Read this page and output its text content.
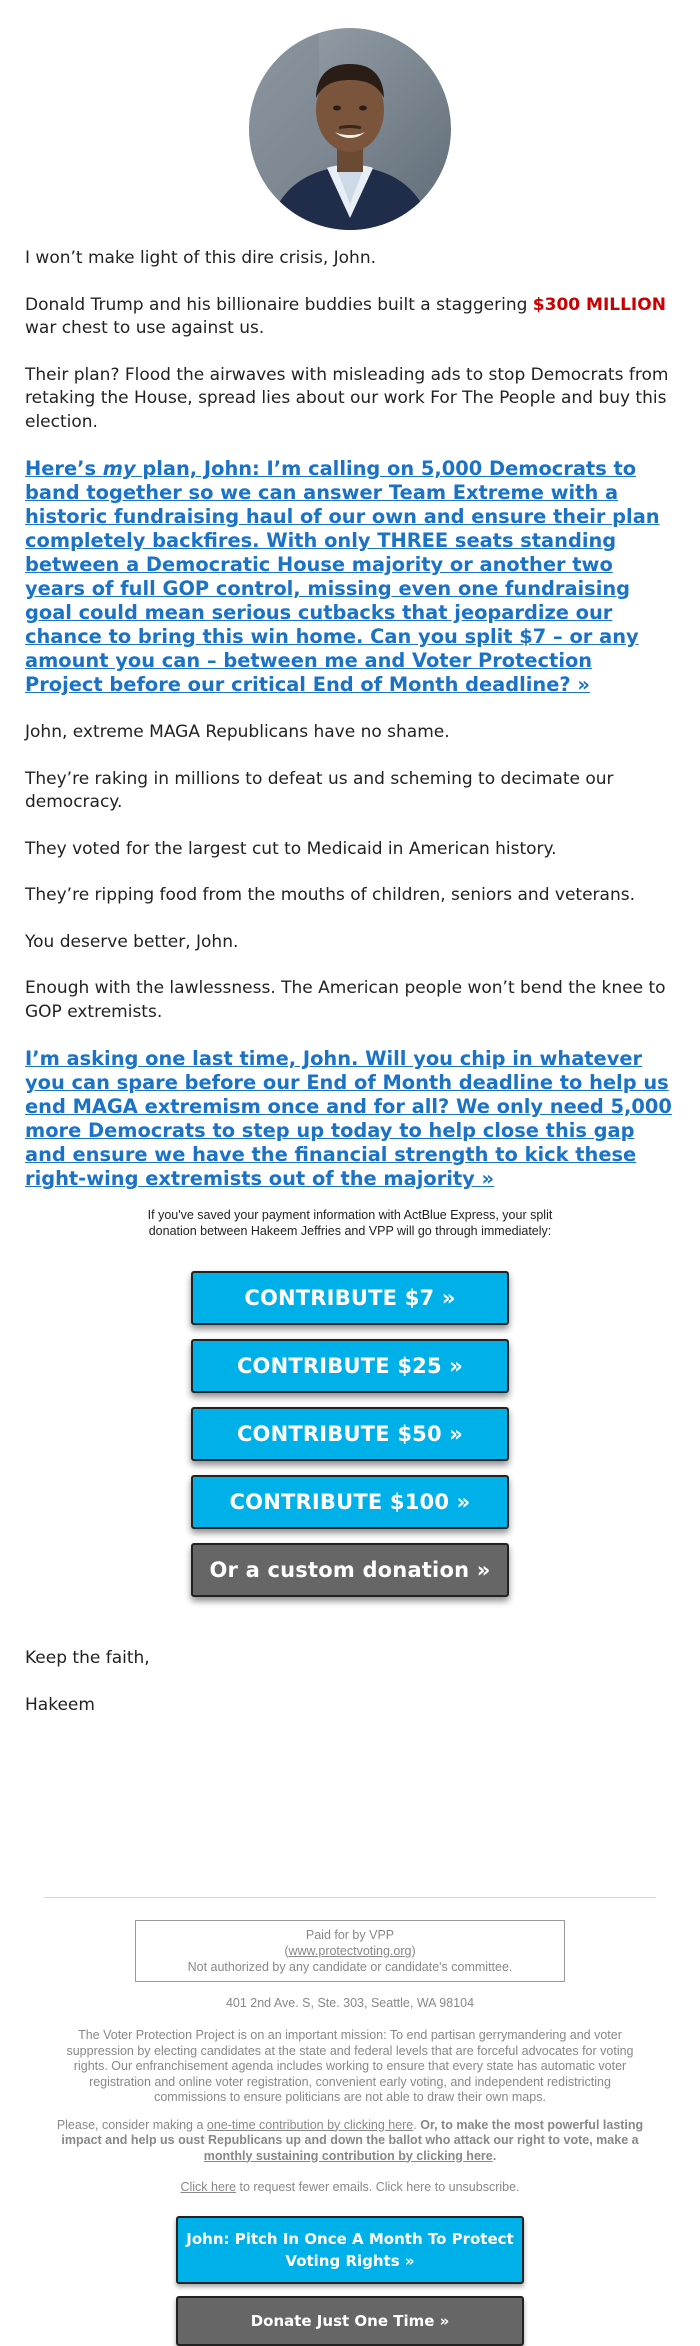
I won’t make light of this dire crisis, John.

Donald Trump and his billionaire buddies built a staggering $300 MILLION war chest to use against us.

Their plan? Flood the airwaves with misleading ads to stop Democrats from retaking the House, spread lies about our work For The People and buy this election.

Here’s my plan, John: I’m calling on 5,000 Democrats to band together so we can answer Team Extreme with a historic fundraising haul of our own and ensure their plan completely backfires. With only THREE seats standing between a Democratic House majority or another two years of full GOP control, missing even one fundraising goal could mean serious cutbacks that jeopardize our chance to bring this win home. Can you split $7 – or any amount you can – between me and Voter Protection Project before our critical End of Month deadline? »

John, extreme MAGA Republicans have no shame.

They’re raking in millions to defeat us and scheming to decimate our democracy.

They voted for the largest cut to Medicaid in American history.

They’re ripping food from the mouths of children, seniors and veterans.

You deserve better, John.

Enough with the lawlessness. The American people won’t bend the knee to GOP extremists.

I’m asking one last time, John. Will you chip in whatever you can spare before our End of Month deadline to help us end MAGA extremism once and for all? We only need 5,000 more Democrats to step up today to help close this gap and ensure we have the financial strength to kick these right-wing extremists out of the majority »
If you've saved your payment information with ActBlue Express, your split
donation between Hakeem Jeffries and VPP will go through immediately:
CONTRIBUTE $7 »
CONTRIBUTE $25 »
CONTRIBUTE $50 »
CONTRIBUTE $100 »
Or a custom donation »

Keep the faith,

Hakeem

Paid for by VPP
(www.protectvoting.org)
Not authorized by any candidate or candidate's committee.
401 2nd Ave. S, Ste. 303, Seattle, WA 98104
The Voter Protection Project is on an important mission: To end partisan gerrymandering and voter suppression by electing candidates at the state and federal levels that are forceful advocates for voting rights. Our enfranchisement agenda includes working to ensure that every state has automatic voter registration and online voter registration, convenient early voting, and independent redistricting commissions to ensure politicians are not able to draw their own maps.
Please, consider making a one-time contribution by clicking here. Or, to make the most powerful lasting impact and help us oust Republicans up and down the ballot who attack our right to vote, make a monthly sustaining contribution by clicking here.
Click here to request fewer emails. Click here to unsubscribe.
John: Pitch In Once A Month To Protect Voting Rights »
Donate Just One Time »
